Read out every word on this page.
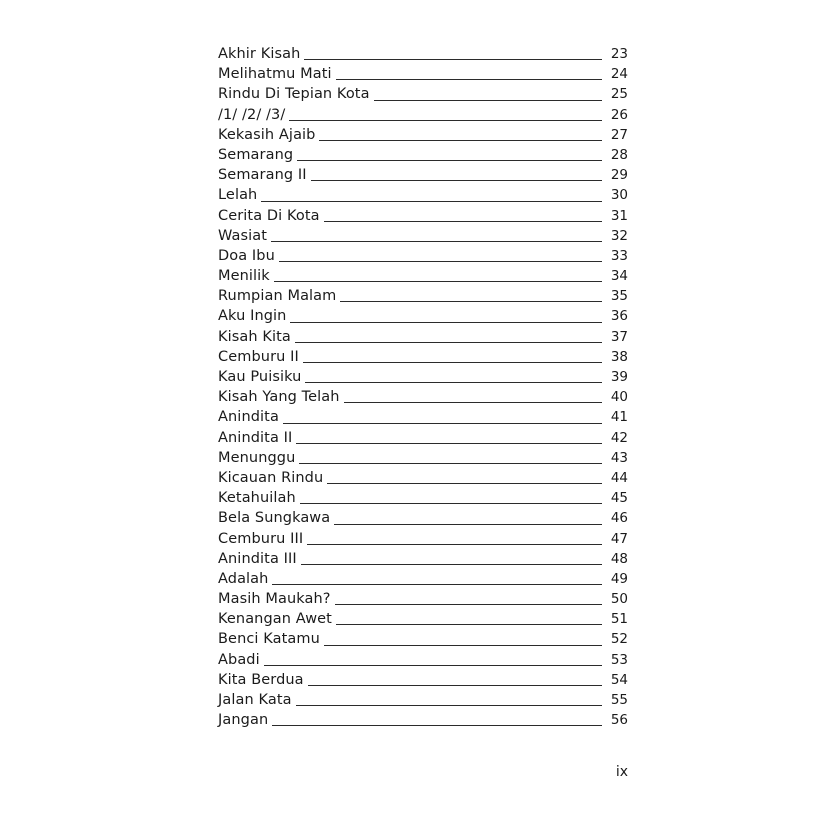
Akhir Kisah	23
Melihatmu Mati	24
Rindu Di Tepian Kota	25
/1/ /2/ /3/	26
Kekasih Ajaib	27
Semarang	28
Semarang II	29
Lelah	30
Cerita Di Kota	31
Wasiat	32
Doa Ibu	33
Menilik	34
Rumpian Malam	35
Aku Ingin	36
Kisah Kita	37
Cemburu II	38
Kau Puisiku	39
Kisah Yang Telah	40
Anindita	41
Anindita II	42
Menunggu	43
Kicauan Rindu	44
Ketahuilah	45
Bela Sungkawa	46
Cemburu III	47
Anindita III	48
Adalah	49
Masih Maukah?	50
Kenangan Awet	51
Benci Katamu	52
Abadi	53
Kita Berdua	54
Jalan Kata	55
Jangan	56
ix
